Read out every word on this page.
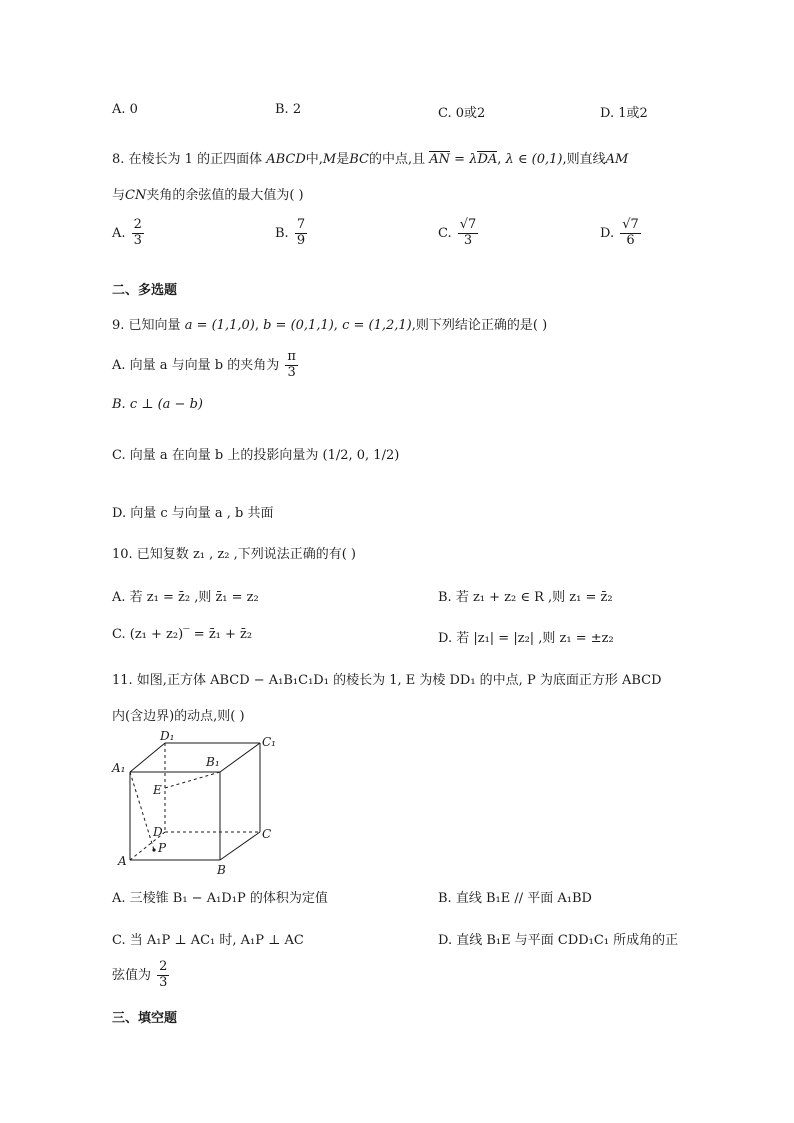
A. 0	B. 2	C. 0或2	D. 1或2
8. 在棱长为 1 的正四面体 ABCD中,M是BC的中点,且 AN = λDA, λ ∈ (0,1),则直线AM
与CN夹角的余弦值的最大值为( )
A. $\frac{2}{3}$	B. $\frac{7}{9}$	C. $\frac{√7}{3}$	D. $\frac{√7}{6}$
二、多选题
9. 已知向量 a = (1,1,0), b = (0,1,1), c = (1,2,1),则下列结论正确的是( )
A. 向量 a 与向量 b 的夹角为 $\frac{\pi}{3}$
B. c ⊥ (a − b)
C. 向量 a 在向量 b 上的投影向量为 (1/2, 0, 1/2)
D. 向量 c 与向量 a , b 共面
10. 已知复数 z₁ , z₂ ,下列说法正确的有( )
A. 若 z₁ = z̄₂ ,则 z̄₁ = z₂	B. 若 z₁ + z₂ ∈ R ,则 z₁ = z̄₂
C. (z₁ + z₂)‾ = z̄₁ + z̄₂	D. 若 |z₁| = |z₂| ,则 z₁ = ±z₂
11. 如图,正方体 ABCD − A₁B₁C₁D₁ 的棱长为 1, E 为棱 DD₁ 的中点, P 为底面正方形 ABCD
内(含边界)的动点,则( )
D₁	C₁
A₁	B₁
E
D	C
A
P
B
A. 三棱锥 B₁ − A₁D₁P 的体积为定值	B. 直线 B₁E // 平面 A₁BD
C. 当 A₁P ⊥ AC₁ 时, A₁P ⊥ AC	D. 直线 B₁E 与平面 CDD₁C₁ 所成角的正
弦值为 $\frac{2}{3}$
三、填空题
